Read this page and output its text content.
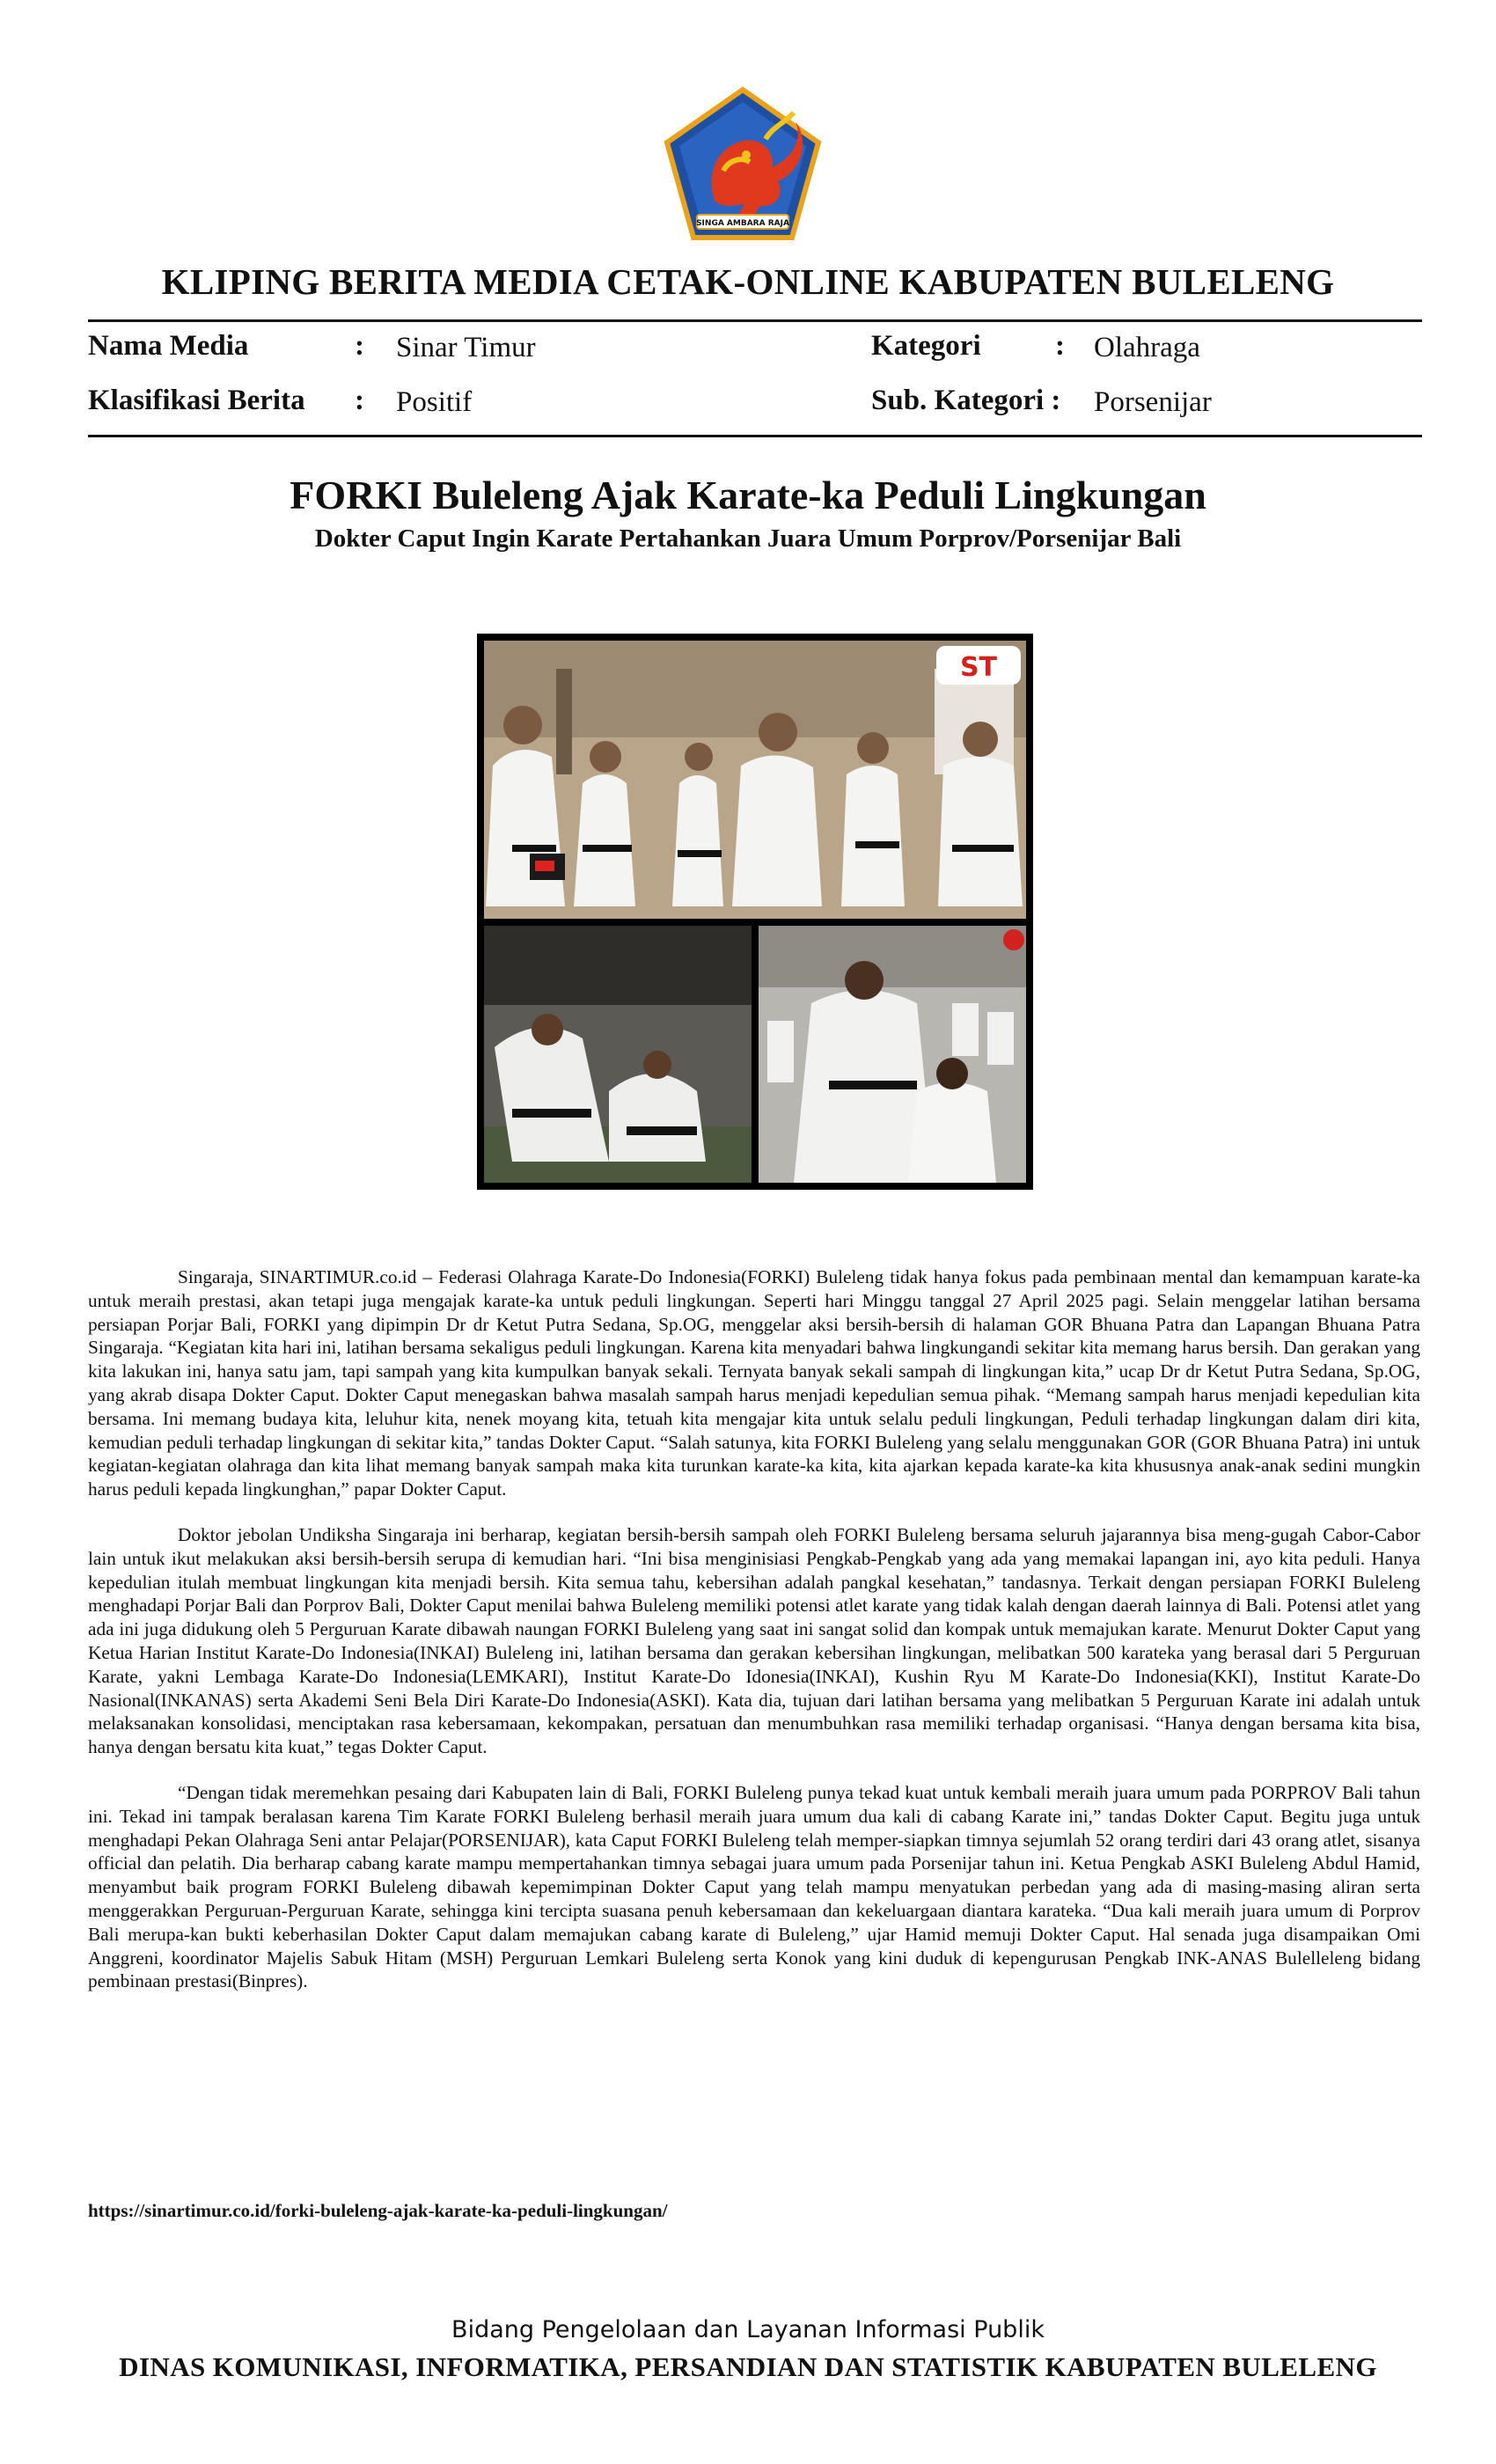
SINGA AMBARA RAJA
KLIPING BERITA MEDIA CETAK-ONLINE KABUPATEN BULELENG
Nama Media	: Sinar Timur	Kategori	: Olahraga
Klasifikasi Berita : Positif	Sub. Kategori : Porsenijar
FORKI Buleleng Ajak Karate-ka Peduli Lingkungan
Dokter Caput Ingin Karate Pertahankan Juara Umum Porprov/Porsenijar Bali
ST

Singaraja, SINARTIMUR.co.id – Federasi Olahraga Karate-Do Indonesia(FORKI) Buleleng tidak hanya fokus pada pembinaan mental dan kemampuan karate-ka untuk meraih prestasi, akan tetapi juga mengajak karate-ka untuk peduli lingkungan. Seperti hari Minggu tanggal 27 April 2025 pagi. Selain menggelar latihan bersama persiapan Porjar Bali, FORKI yang dipimpin Dr dr Ketut Putra Sedana, Sp.OG, menggelar aksi bersih-bersih di halaman GOR Bhuana Patra dan Lapangan Bhuana Patra Singaraja. “Kegiatan kita hari ini, latihan bersama sekaligus peduli lingkungan. Karena kita menyadari bahwa lingkungandi sekitar kita memang harus bersih. Dan gerakan yang kita lakukan ini, hanya satu jam, tapi sampah yang kita kumpulkan banyak sekali. Ternyata banyak sekali sampah di lingkungan kita,” ucap Dr dr Ketut Putra Sedana, Sp.OG, yang akrab disapa Dokter Caput. Dokter Caput menegaskan bahwa masalah sampah harus menjadi kepedulian semua pihak. “Memang sampah harus menjadi kepedulian kita bersama. Ini memang budaya kita, leluhur kita, nenek moyang kita, tetuah kita mengajar kita untuk selalu peduli lingkungan, Peduli terhadap lingkungan dalam diri kita, kemudian peduli terhadap lingkungan di sekitar kita,” tandas Dokter Caput. “Salah satunya, kita FORKI Buleleng yang selalu menggunakan GOR (GOR Bhuana Patra) ini untuk kegiatan-kegiatan olahraga dan kita lihat memang banyak sampah maka kita turunkan karate-ka kita, kita ajarkan kepada karate-ka kita khususnya anak-anak sedini mungkin harus peduli kepada lingkunghan,” papar Dokter Caput.

Doktor jebolan Undiksha Singaraja ini berharap, kegiatan bersih-bersih sampah oleh FORKI Buleleng bersama seluruh jajarannya bisa meng-gugah Cabor-Cabor lain untuk ikut melakukan aksi bersih-bersih serupa di kemudian hari. “Ini bisa menginisiasi Pengkab-Pengkab yang ada yang memakai lapangan ini, ayo kita peduli. Hanya kepedulian itulah membuat lingkungan kita menjadi bersih. Kita semua tahu, kebersihan adalah pangkal kesehatan,” tandasnya. Terkait dengan persiapan FORKI Buleleng menghadapi Porjar Bali dan Porprov Bali, Dokter Caput menilai bahwa Buleleng memiliki potensi atlet karate yang tidak kalah dengan daerah lainnya di Bali. Potensi atlet yang ada ini juga didukung oleh 5 Perguruan Karate dibawah naungan FORKI Buleleng yang saat ini sangat solid dan kompak untuk memajukan karate. Menurut Dokter Caput yang Ketua Harian Institut Karate-Do Indonesia(INKAI) Buleleng ini, latihan bersama dan gerakan kebersihan lingkungan, melibatkan 500 karateka yang berasal dari 5 Perguruan Karate, yakni Lembaga Karate-Do Indonesia(LEMKARI), Institut Karate-Do Idonesia(INKAI), Kushin Ryu M Karate-Do Indonesia(KKI), Institut Karate-Do Nasional(INKANAS) serta Akademi Seni Bela Diri Karate-Do Indonesia(ASKI). Kata dia, tujuan dari latihan bersama yang melibatkan 5 Perguruan Karate ini adalah untuk melaksanakan konsolidasi, menciptakan rasa kebersamaan, kekompakan, persatuan dan menumbuhkan rasa memiliki terhadap organisasi. “Hanya dengan bersama kita bisa, hanya dengan bersatu kita kuat,” tegas Dokter Caput.

“Dengan tidak meremehkan pesaing dari Kabupaten lain di Bali, FORKI Buleleng punya tekad kuat untuk kembali meraih juara umum pada PORPROV Bali tahun ini. Tekad ini tampak beralasan karena Tim Karate FORKI Buleleng berhasil meraih juara umum dua kali di cabang Karate ini,” tandas Dokter Caput. Begitu juga untuk menghadapi Pekan Olahraga Seni antar Pelajar(PORSENIJAR), kata Caput FORKI Buleleng telah memper-siapkan timnya sejumlah 52 orang terdiri dari 43 orang atlet, sisanya official dan pelatih. Dia berharap cabang karate mampu mempertahankan timnya sebagai juara umum pada Porsenijar tahun ini. Ketua Pengkab ASKI Buleleng Abdul Hamid, menyambut baik program FORKI Buleleng dibawah kepemimpinan Dokter Caput yang telah mampu menyatukan perbedan yang ada di masing-masing aliran serta menggerakkan Perguruan-Perguruan Karate, sehingga kini tercipta suasana penuh kebersamaan dan kekeluargaan diantara karateka. “Dua kali meraih juara umum di Porprov Bali merupa-kan bukti keberhasilan Dokter Caput dalam memajukan cabang karate di Buleleng,” ujar Hamid memuji Dokter Caput. Hal senada juga disampaikan Omi Anggreni, koordinator Majelis Sabuk Hitam (MSH) Perguruan Lemkari Buleleng serta Konok yang kini duduk di kepengurusan Pengkab INK-ANAS Bulelleleng bidang pembinaan prestasi(Binpres).

https://sinartimur.co.id/forki-buleleng-ajak-karate-ka-peduli-lingkungan/
Bidang Pengelolaan dan Layanan Informasi Publik
DINAS KOMUNIKASI, INFORMATIKA, PERSANDIAN DAN STATISTIK KABUPATEN BULELENG
